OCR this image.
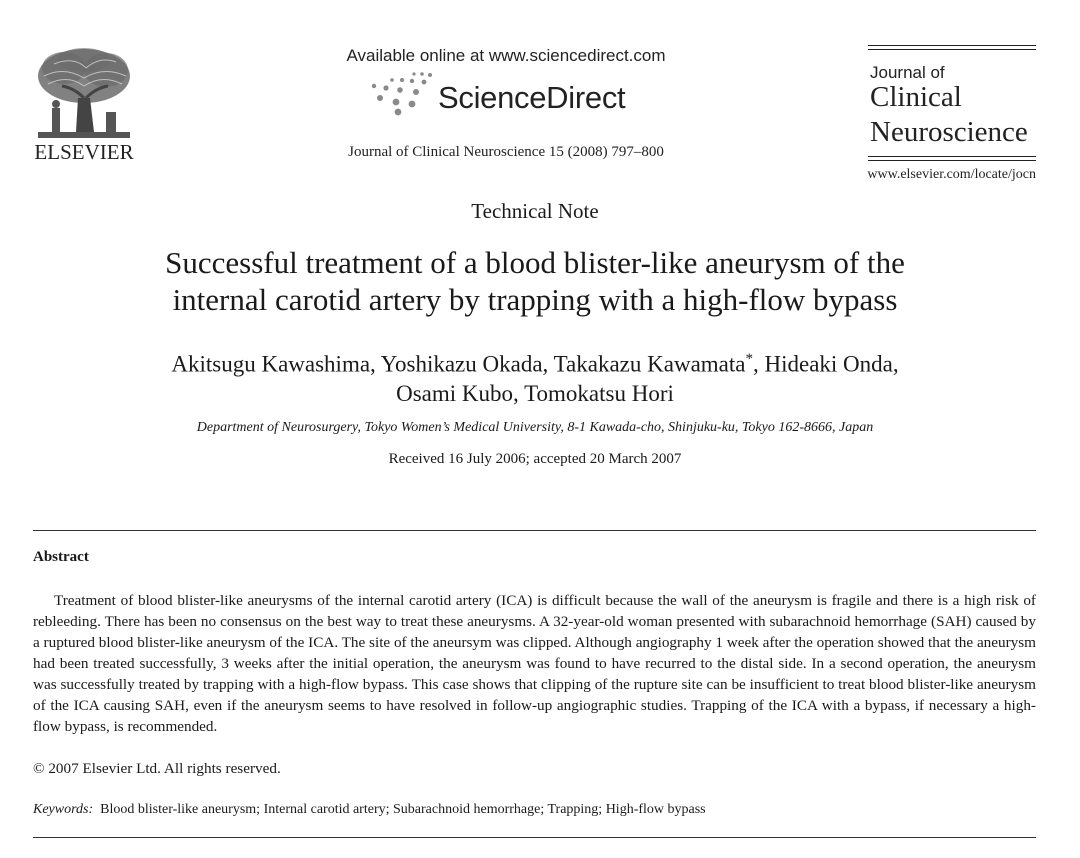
ELSEVIER
Available online at www.sciencedirect.com
ScienceDirect
Journal of Clinical Neuroscience 15 (2008) 797–800
Journal of
Clinical
Neuroscience
www.elsevier.com/locate/jocn
Technical Note
Successful treatment of a blood blister-like aneurysm of the
internal carotid artery by trapping with a high-flow bypass
Akitsugu Kawashima, Yoshikazu Okada, Takakazu Kawamata*, Hideaki Onda,
Osami Kubo, Tomokatsu Hori
Department of Neurosurgery, Tokyo Women’s Medical University, 8-1 Kawada-cho, Shinjuku-ku, Tokyo 162-8666, Japan
Received 16 July 2006; accepted 20 March 2007
Abstract
Treatment of blood blister-like aneurysms of the internal carotid artery (ICA) is difficult because the wall of the aneurysm is fragile and there is a high risk of rebleeding. There has been no consensus on the best way to treat these aneurysms. A 32-year-old woman presented with subarachnoid hemorrhage (SAH) caused by a ruptured blood blister-like aneurysm of the ICA. The site of the aneursym was clipped. Although angiography 1 week after the operation showed that the aneurysm had been treated successfully, 3 weeks after the initial operation, the aneurysm was found to have recurred to the distal side. In a second operation, the aneurysm was successfully treated by trapping with a high-flow bypass. This case shows that clipping of the rupture site can be insufficient to treat blood blister-like aneurysm of the ICA causing SAH, even if the aneurysm seems to have resolved in follow-up angiographic studies. Trapping of the ICA with a bypass, if necessary a high-flow bypass, is recommended.
© 2007 Elsevier Ltd. All rights reserved.
Keywords: Blood blister-like aneurysm; Internal carotid artery; Subarachnoid hemorrhage; Trapping; High-flow bypass
